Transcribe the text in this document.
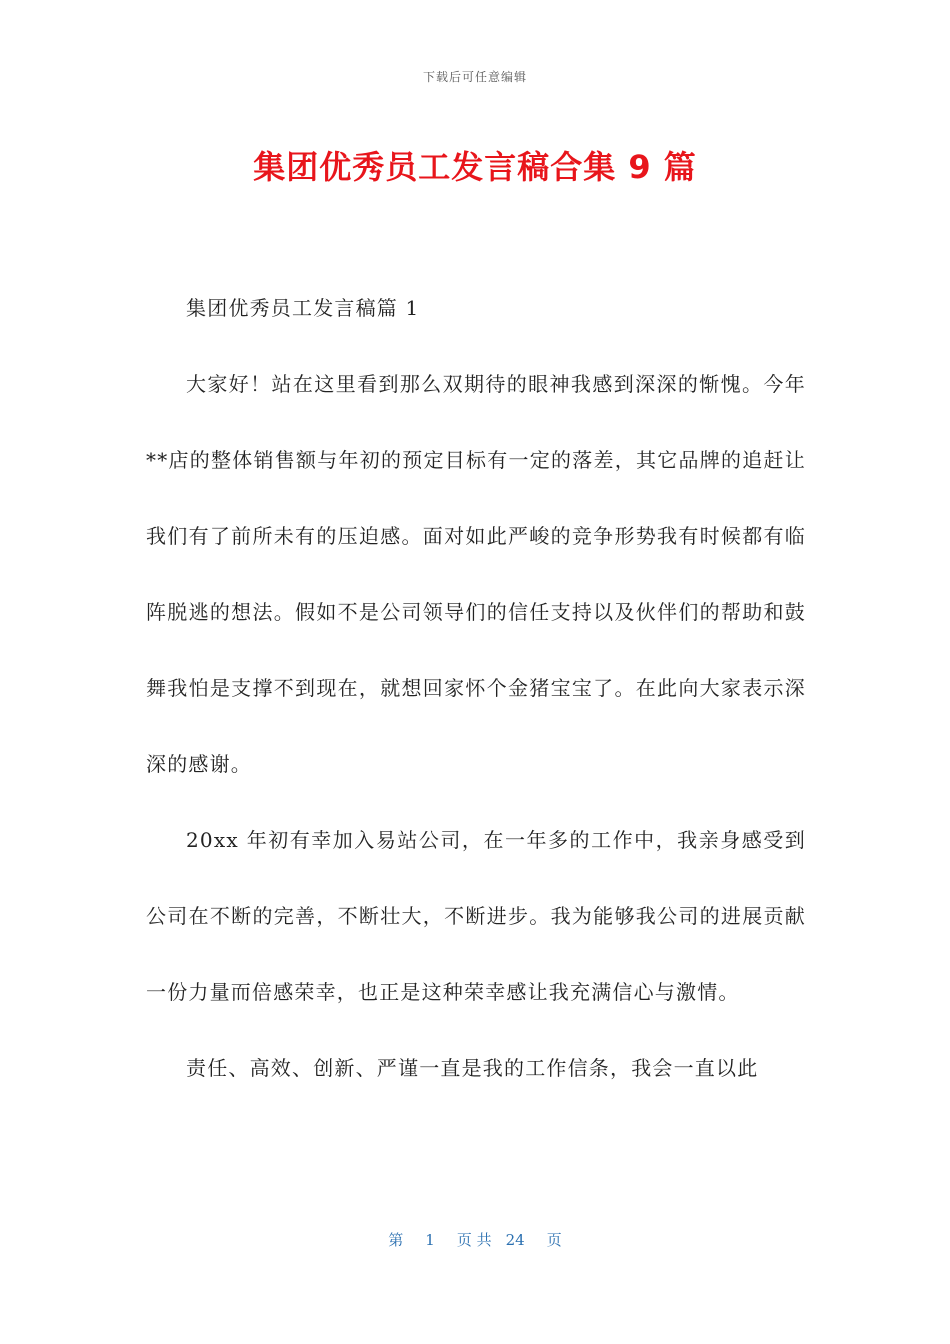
下载后可任意编辑
集团优秀员工发言稿合集 9 篇

集团优秀员工发言稿篇 1

大家好！站在这里看到那么双期待的眼神我感到深深的惭愧。今年**店的整体销售额与年初的预定目标有一定的落差，其它品牌的追赶让我们有了前所未有的压迫感。面对如此严峻的竞争形势我有时候都有临阵脱逃的想法。假如不是公司领导们的信任支持以及伙伴们的帮助和鼓舞我怕是支撑不到现在，就想回家怀个金猪宝宝了。在此向大家表示深深的感谢。

20xx 年初有幸加入易站公司，在一年多的工作中，我亲身感受到公司在不断的完善，不断壮大，不断进步。我为能够我公司的进展贡献一份力量而倍感荣幸，也正是这种荣幸感让我充满信心与激情。

责任、高效、创新、严谨一直是我的工作信条，我会一直以此

第 1 页 共 24 页
